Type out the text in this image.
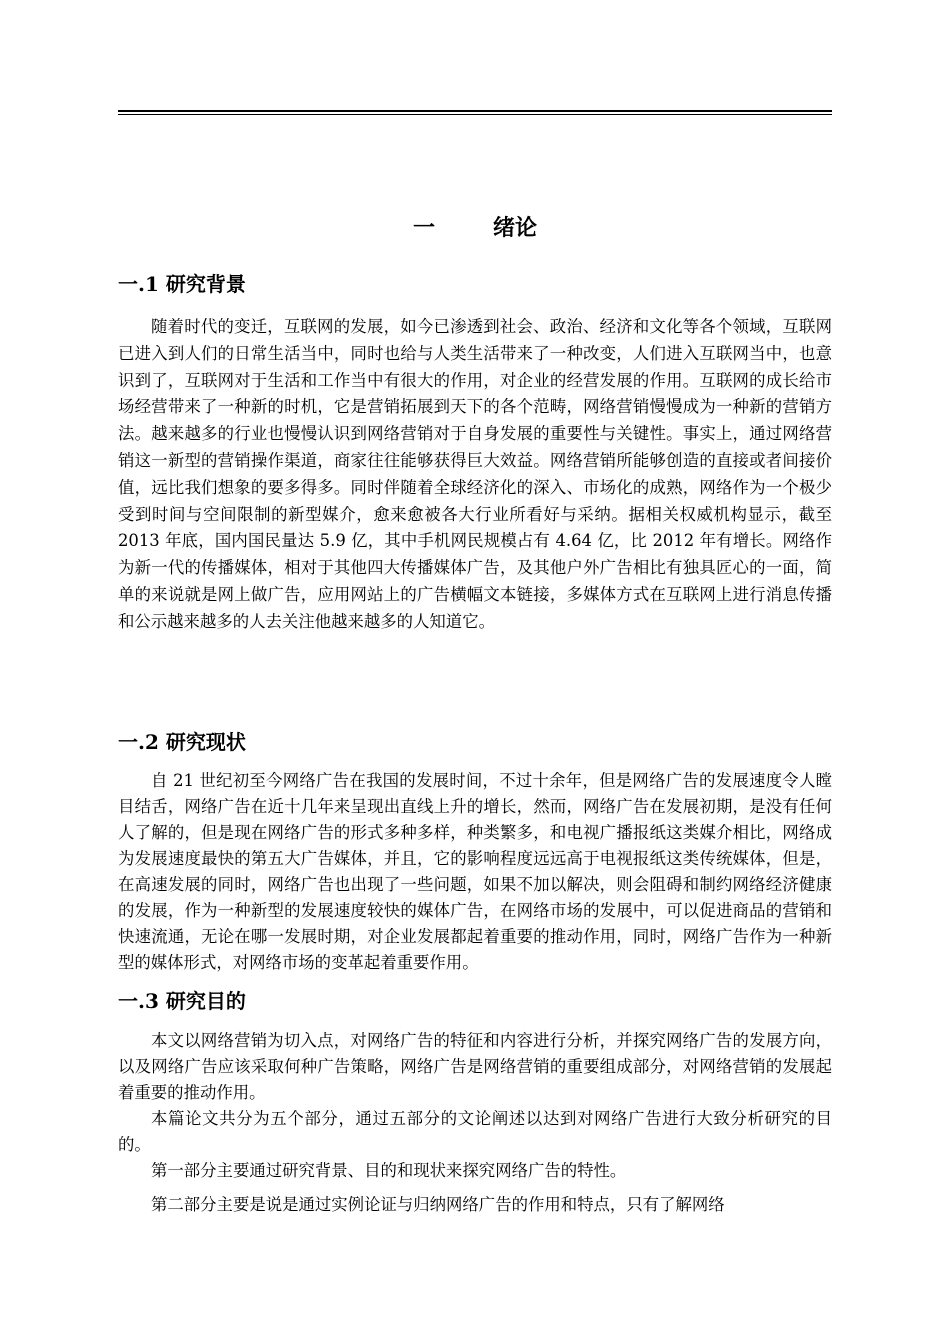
一	绪论
一.1 研究背景

随着时代的变迁，互联网的发展，如今已渗透到社会、政治、经济和文化等各个领域，互联网已进入到人们的日常生活当中，同时也给与人类生活带来了一种改变，人们进入互联网当中，也意识到了，互联网对于生活和工作当中有很大的作用，对企业的经营发展的作用。互联网的成长给市场经营带来了一种新的时机，它是营销拓展到天下的各个范畴，网络营销慢慢成为一种新的营销方法。越来越多的行业也慢慢认识到网络营销对于自身发展的重要性与关键性。事实上，通过网络营销这一新型的营销操作渠道，商家往往能够获得巨大效益。网络营销所能够创造的直接或者间接价值，远比我们想象的要多得多。同时伴随着全球经济化的深入、市场化的成熟，网络作为一个极少受到时间与空间限制的新型媒介，愈来愈被各大行业所看好与采纳。据相关权威机构显示，截至 2013 年底，国内国民量达 5.9 亿，其中手机网民规模占有 4.64 亿，比 2012 年有增长。网络作为新一代的传播媒体，相对于其他四大传播媒体广告，及其他户外广告相比有独具匠心的一面，简单的来说就是网上做广告，应用网站上的广告横幅文本链接，多媒体方式在互联网上进行消息传播和公示越来越多的人去关注他越来越多的人知道它。

一.2 研究现状

自 21 世纪初至今网络广告在我国的发展时间，不过十余年，但是网络广告的发展速度令人瞠目结舌，网络广告在近十几年来呈现出直线上升的增长，然而，网络广告在发展初期，是没有任何人了解的，但是现在网络广告的形式多种多样，种类繁多，和电视广播报纸这类媒介相比，网络成为发展速度最快的第五大广告媒体，并且，它的影响程度远远高于电视报纸这类传统媒体，但是，在高速发展的同时，网络广告也出现了一些问题，如果不加以解决，则会阻碍和制约网络经济健康的发展，作为一种新型的发展速度较快的媒体广告，在网络市场的发展中，可以促进商品的营销和快速流通，无论在哪一发展时期，对企业发展都起着重要的推动作用，同时，网络广告作为一种新型的媒体形式，对网络市场的变革起着重要作用。

一.3 研究目的

本文以网络营销为切入点，对网络广告的特征和内容进行分析，并探究网络广告的发展方向，以及网络广告应该采取何种广告策略，网络广告是网络营销的重要组成部分，对网络营销的发展起着重要的推动作用。

本篇论文共分为五个部分，通过五部分的文论阐述以达到对网络广告进行大致分析研究的目的。

第一部分主要通过研究背景、目的和现状来探究网络广告的特性。

第二部分主要是说是通过实例论证与归纳网络广告的作用和特点，只有了解网络
